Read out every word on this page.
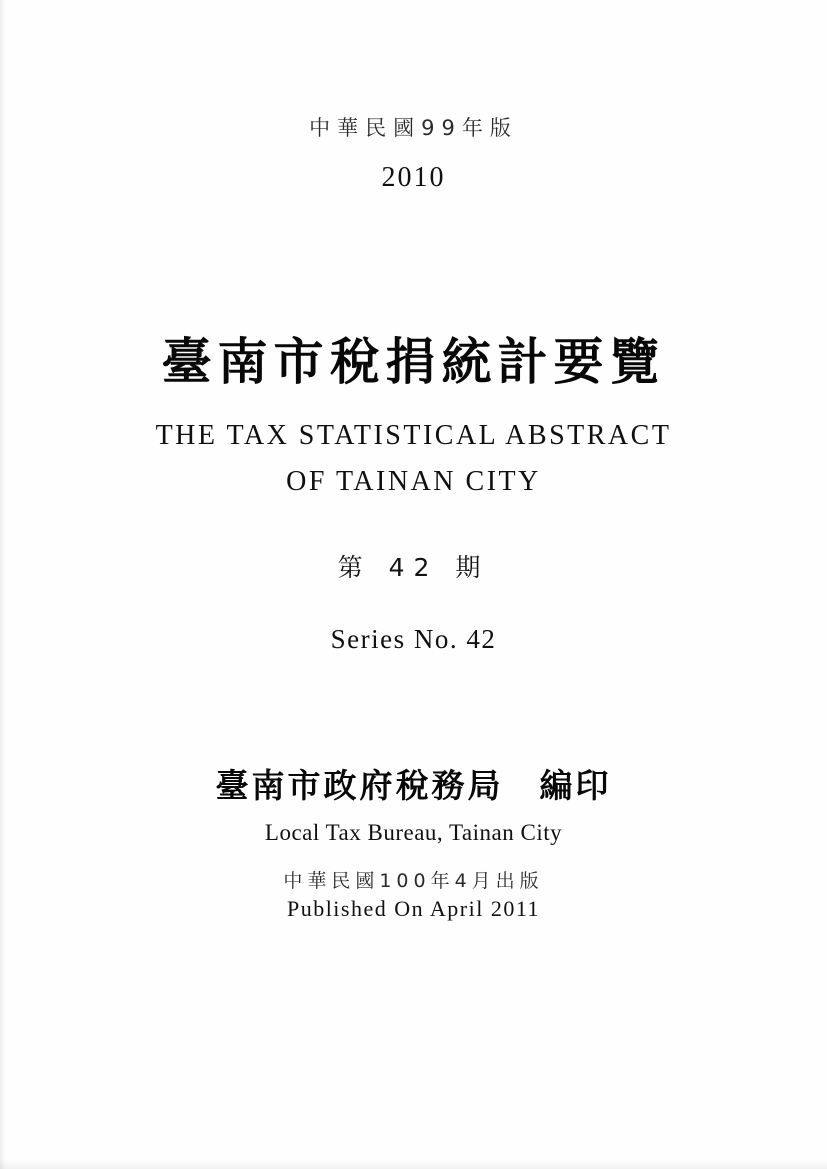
中華民國99年版
2010
臺南市稅捐統計要覽
THE TAX STATISTICAL ABSTRACT
OF TAINAN CITY
第 42 期
Series No. 42
臺南市政府稅務局　編印
Local Tax Bureau, Tainan City
中華民國100年4月出版
Published On April 2011
